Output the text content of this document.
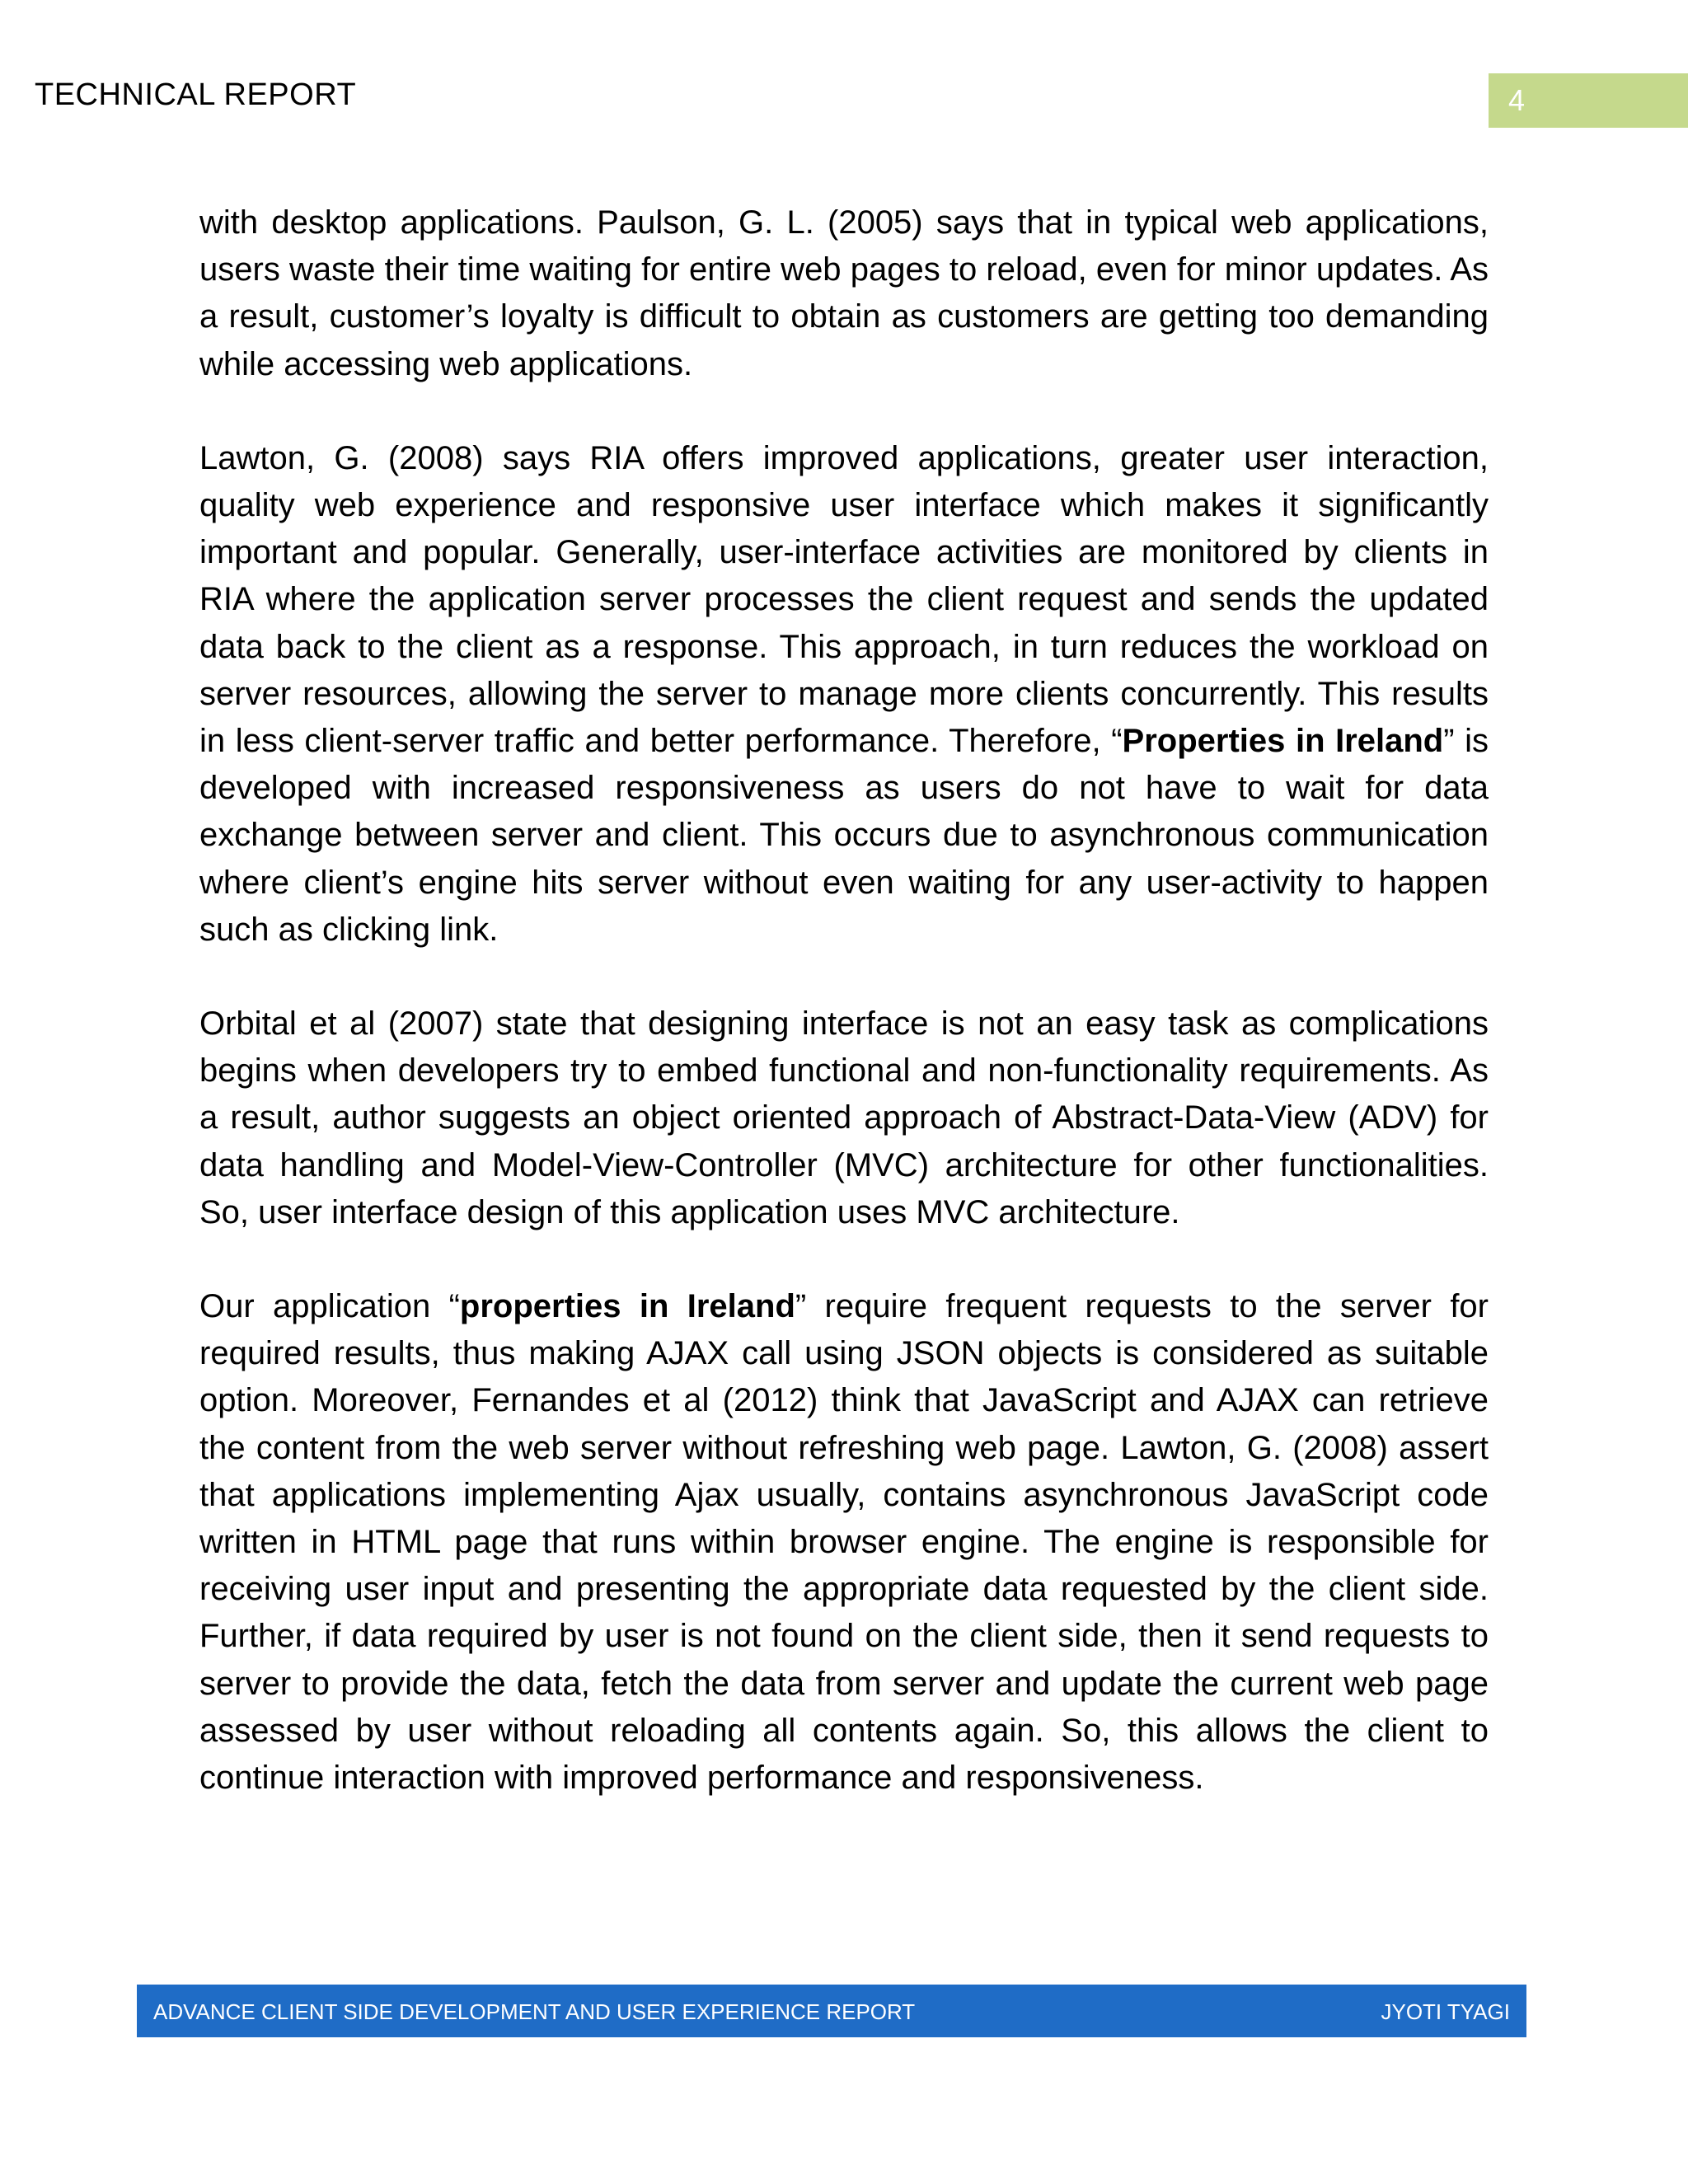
TECHNICAL REPORT	4

with desktop applications. Paulson, G. L. (2005) says that in typical web applications, users waste their time waiting for entire web pages to reload, even for minor updates. As a result, customer’s loyalty is difficult to obtain as customers are getting too demanding while accessing web applications.

Lawton, G. (2008) says RIA offers improved applications, greater user interaction, quality web experience and responsive user interface which makes it significantly important and popular. Generally, user-interface activities are monitored by clients in RIA where the application server processes the client request and sends the updated data back to the client as a response. This approach, in turn reduces the workload on server resources, allowing the server to manage more clients concurrently. This results in less client-server traffic and better performance. Therefore, “Properties in Ireland” is developed with increased responsiveness as users do not have to wait for data exchange between server and client. This occurs due to asynchronous communication where client’s engine hits server without even waiting for any user-activity to happen such as clicking link.

Orbital et al (2007) state that designing interface is not an easy task as complications begins when developers try to embed functional and non-functionality requirements. As a result, author suggests an object oriented approach of Abstract-Data-View (ADV) for data handling and Model-View-Controller (MVC) architecture for other functionalities. So, user interface design of this application uses MVC architecture.

Our application “properties in Ireland” require frequent requests to the server for required results, thus making AJAX call using JSON objects is considered as suitable option. Moreover, Fernandes et al (2012) think that JavaScript and AJAX can retrieve the content from the web server without refreshing web page. Lawton, G. (2008) assert that applications implementing Ajax usually, contains asynchronous JavaScript code written in HTML page that runs within browser engine. The engine is responsible for receiving user input and presenting the appropriate data requested by the client side. Further, if data required by user is not found on the client side, then it send requests to server to provide the data, fetch the data from server and update the current web page assessed by user without reloading all contents again. So, this allows the client to continue interaction with improved performance and responsiveness.

ADVANCE CLIENT SIDE DEVELOPMENT AND USER EXPERIENCE REPORT	JYOTI TYAGI
